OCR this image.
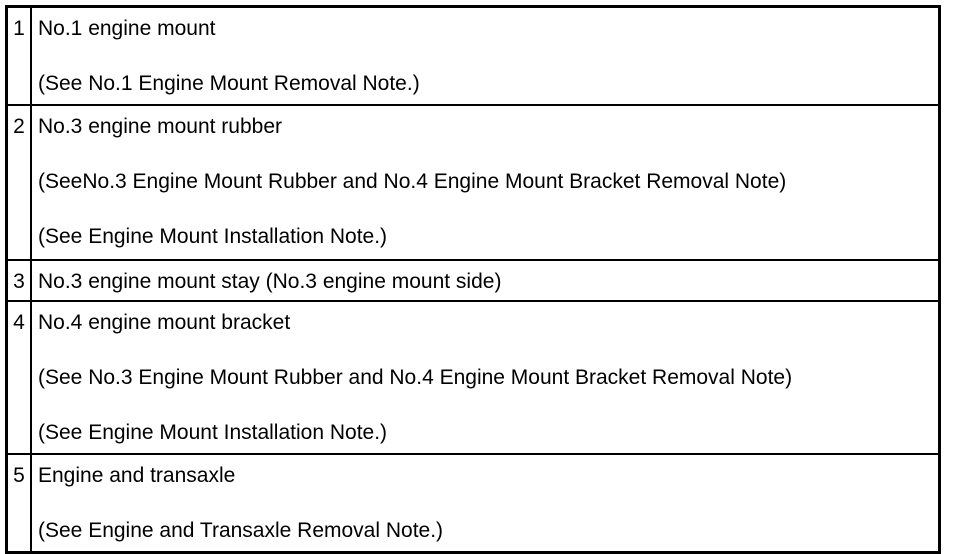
1 No.1 engine mount
(See No.1 Engine Mount Removal Note.)
2 No.3 engine mount rubber
(SeeNo.3 Engine Mount Rubber and No.4 Engine Mount Bracket Removal Note)
(See Engine Mount Installation Note.)
3 No.3 engine mount stay (No.3 engine mount side)
4 No.4 engine mount bracket
(See No.3 Engine Mount Rubber and No.4 Engine Mount Bracket Removal Note)
(See Engine Mount Installation Note.)
5 Engine and transaxle
(See Engine and Transaxle Removal Note.)
